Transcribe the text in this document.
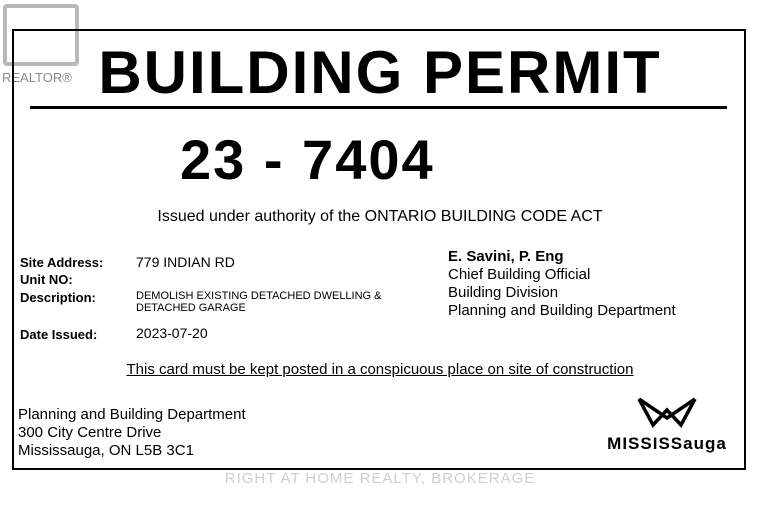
REALTOR® BUILDING PERMIT
23 - 7404
Issued under authority of the ONTARIO BUILDING CODE ACT
Site Address: 779 INDIAN RD
Unit NO:
Description:	DEMOLISH EXISTING DETACHED DWELLING & DETACHED GARAGE
Date Issued:	2023-07-20
E. Savini, P. Eng
Chief Building Official
Building Division
Planning and Building Department
This card must be kept posted in a conspicuous place on site of construction
Planning and Building Department
300 City Centre Drive
Mississauga, ON L5B 3C1	MISSISSauga
RIGHT AT HOME REALTY, BROKERAGE
